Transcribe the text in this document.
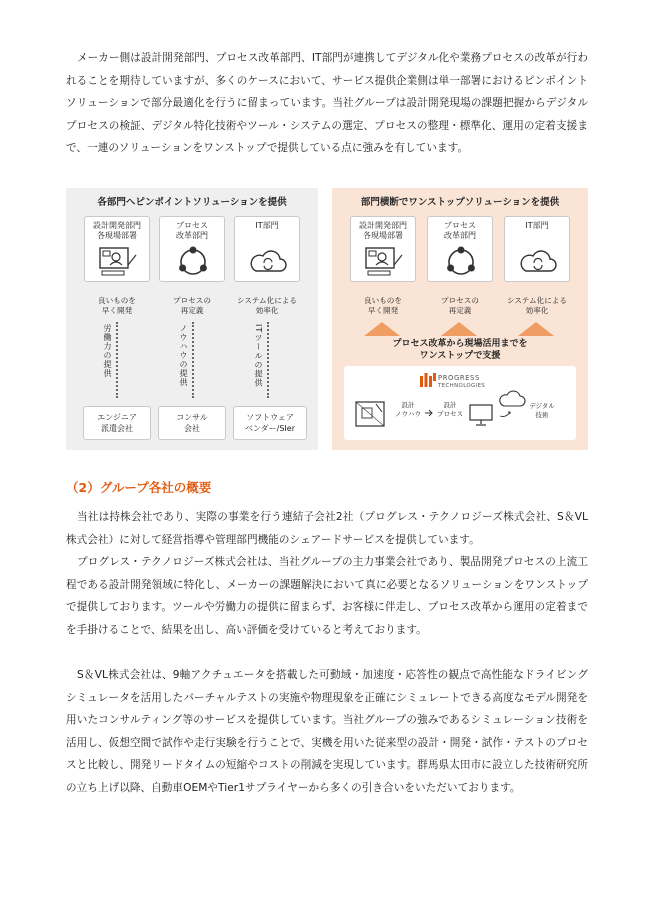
メーカー側は設計開発部門、プロセス改革部門、IT部門が連携してデジタル化や業務プロセスの改革が行われることを期待していますが、多くのケースにおいて、サービス提供企業側は単一部署におけるピンポイントソリューションで部分最適化を行うに留まっています。当社グループは設計開発現場の課題把握からデジタルプロセスの検証、デジタル特化技術やツール・システムの選定、プロセスの整理・標準化、運用の定着支援まで、一連のソリューションをワンストップで提供している点に強みを有しています。

各部門へピンポイントソリューションを提供
設計開発部門
各現場部署
プロセス
改革部門
IT部門
良いものを
早く開発
プロセスの
再定義
システム化による
効率化
労働力の提供	ノウハウの提供	ITツールの提供
エンジニア
派遣会社
コンサル
会社
ソフトウェア
ベンダー/SIer
部門横断でワンストップソリューションを提供
設計開発部門
各現場部署
プロセス
改革部門
IT部門
良いものを
早く開発
プロセスの
再定義
システム化による
効率化
プロセス改革から現場活用までを
ワンストップで支援
PROGRESS
TECHNOLOGIES
設計
ノウハウ
設計
プロセス
デジタル
技術
（2）グループ各社の概要

当社は持株会社であり、実際の事業を行う連結子会社2社（プログレス・テクノロジーズ株式会社、S＆VL株式会社）に対して経営指導や管理部門機能のシェアードサービスを提供しています。

プログレス・テクノロジーズ株式会社は、当社グループの主力事業会社であり、製品開発プロセスの上流工程である設計開発領域に特化し、メーカーの課題解決において真に必要となるソリューションをワンストップで提供しております。ツールや労働力の提供に留まらず、お客様に伴走し、プロセス改革から運用の定着までを手掛けることで、結果を出し、高い評価を受けていると考えております。

S＆VL株式会社は、9軸アクチュエータを搭載した可動域・加速度・応答性の観点で高性能なドライビングシミュレータを活用したバーチャルテストの実施や物理現象を正確にシミュレートできる高度なモデル開発を用いたコンサルティング等のサービスを提供しています。当社グループの強みであるシミュレーション技術を活用し、仮想空間で試作や走行実験を行うことで、実機を用いた従来型の設計・開発・試作・テストのプロセスと比較し、開発リードタイムの短縮やコストの削減を実現しています。群馬県太田市に設立した技術研究所の立ち上げ以降、自動車OEMやTier1サプライヤーから多くの引き合いをいただいております。
